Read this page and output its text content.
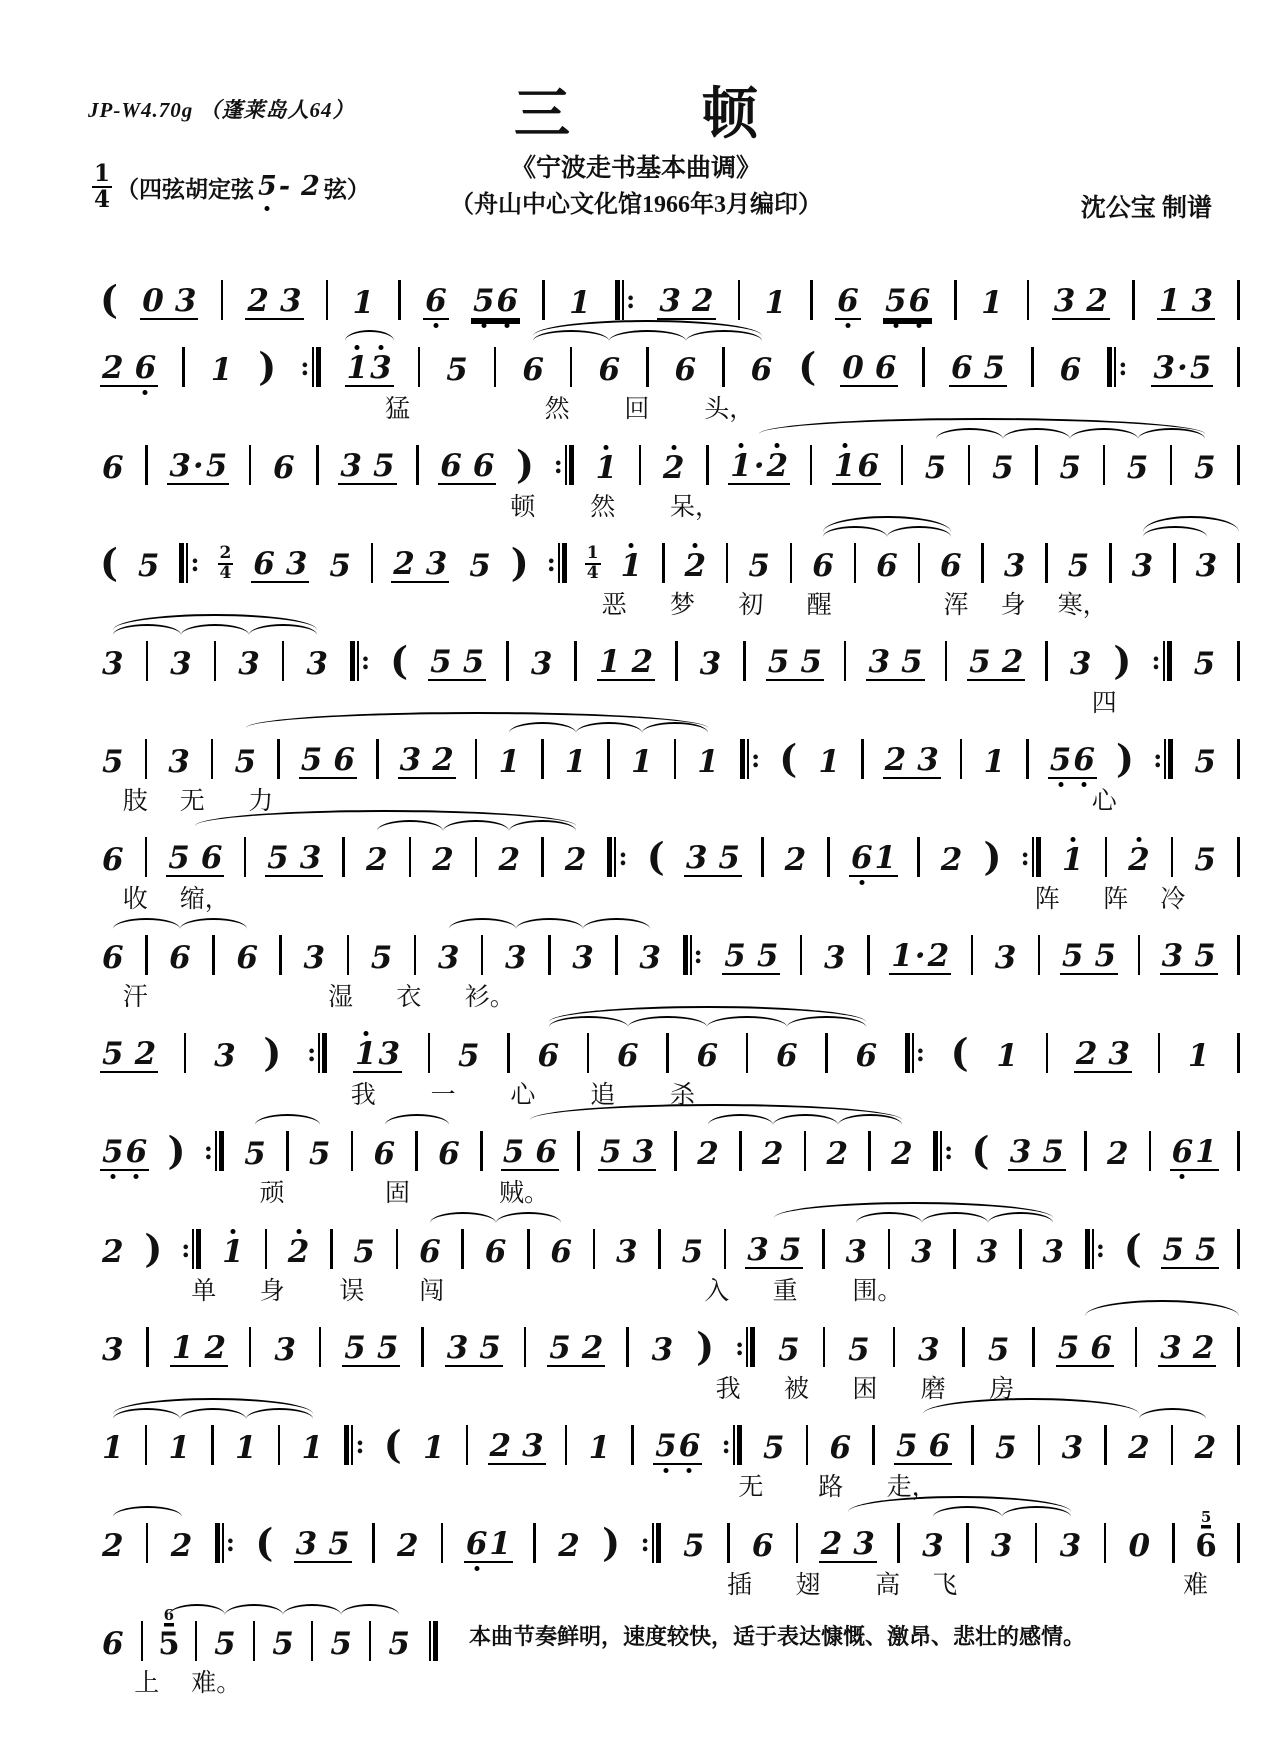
JP-W4.70g （蓬莱岛人64）	三　顿
《宁波走书基本曲调》
（舟山中心文化馆1966年3月编印）	沈公宝 制谱
$\frac{1}{4}$ （四弦胡定弦 5 - 2 弦）
( 0 3 2 3 1 6 5 6 1 : 3 2 1 6 5 6 1 3 2 1 3
2 6 1 ) : 1 3 5 6 6 6 6 ( 0 6 6 5 6 : 3 · 5
猛	然 回 头，
6 3 · 5 6 3 5 6 6 ) : 1 2 1 · 2 1 6 5 5 5 5 5
顿 然 呆，
( 5 : $\frac{2}{4} 6$ 3 5 2 3 5 ) : $\frac{1}{4} 1$ 2 5 6 6 6 3 5 3 3
恶 梦 初 醒	浑 身 寒，
3 3 3 3 : ( 5 5 3 1 2 3 5 5 3 5 5 2 3 ) : 5
四
5 3 5 5 6 3 2 1 1 1 1 : ( 1 2 3 1 5 6 ) : 5
肢 无 力	心
6 5 6 5 3 2 2 2 2 : ( 3 5 2 6 1 2 ) : 1 2 5
收 缩，	阵 阵 冷
6 6 6 3 5 3 3 3 3 : 5 5 3 1 · 2 3 5 5 3 5
汗	湿 衣 衫。
5 2 3 ) : 1 3 5 6 6 6 6 6 : ( 1 2 3 1
我 一 心 追 杀
5 6 ) : 5 5 6 6 5 6 5 3 2 2 2 2 : ( 3 5 2 6 1
顽	固	贼。
2 ) : 1 2 5 6 6 6 3 5 3 5 3 3 3 3 : ( 5 5
单 身 误 闯	入 重 围。
3 1 2 3 5 5 3 5 5 2 3 ) : 5 5 3 5 5 6 3 2
我 被 困 磨 房
1 1 1 1 : ( 1 2 3 1 5 6 : 5 6 5 6 5 3 2 2
无 路 走，
2 2 : ( 3 5 2 6 1 2 ) : 5 6 2 3 3 3 3 0
5
6
插 翅 高 飞	难
6
6
5 5 5 5 5	本曲节奏鲜明，速度较快，适于表达慷慨、激昂、悲壮的感情。
上 难。
